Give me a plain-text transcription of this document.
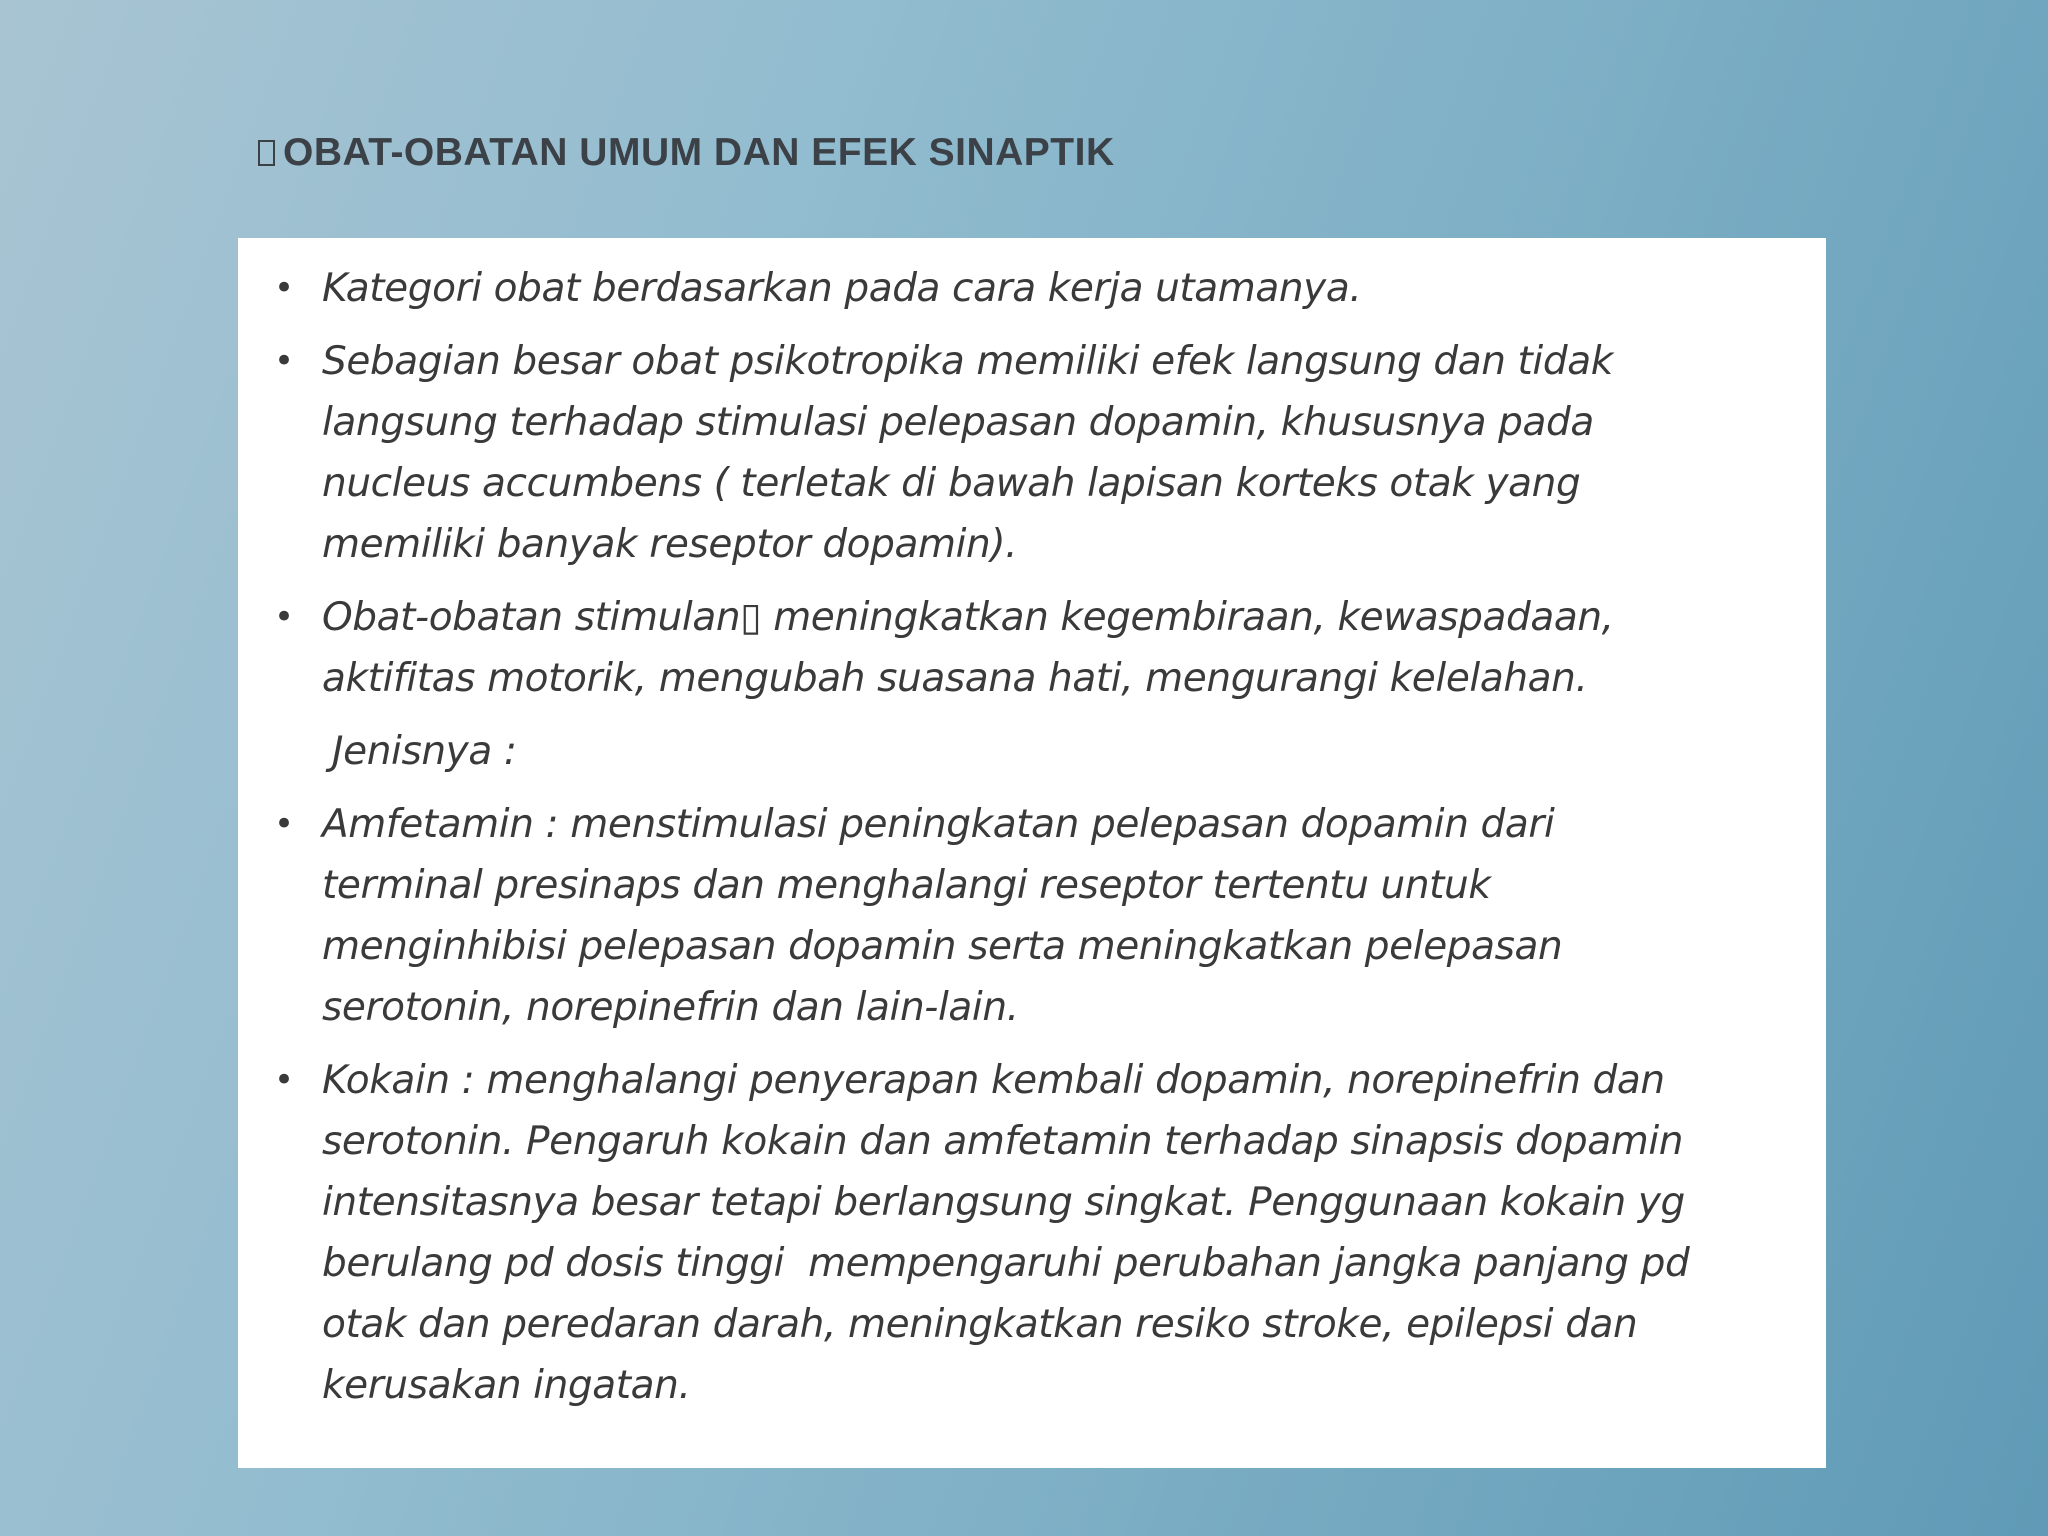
OBAT-OBATAN UMUM DAN EFEK SINAPTIK
• Kategori obat berdasarkan pada cara kerja utamanya.
• Sebagian besar obat psikotropika memiliki efek langsung dan tidak
langsung terhadap stimulasi pelepasan dopamin, khususnya pada
nucleus accumbens ( terletak di bawah lapisan korteks otak yang
memiliki banyak reseptor dopamin).
• Obat-obatan stimulan▯ meningkatkan kegembiraan, kewaspadaan,
aktifitas motorik, mengubah suasana hati, mengurangi kelelahan.
Jenisnya :
• Amfetamin : menstimulasi peningkatan pelepasan dopamin dari
terminal presinaps dan menghalangi reseptor tertentu untuk
menginhibisi pelepasan dopamin serta meningkatkan pelepasan
serotonin, norepinefrin dan lain-lain.
• Kokain : menghalangi penyerapan kembali dopamin, norepinefrin dan
serotonin. Pengaruh kokain dan amfetamin terhadap sinapsis dopamin
intensitasnya besar tetapi berlangsung singkat. Penggunaan kokain yg
berulang pd dosis tinggi  mempengaruhi perubahan jangka panjang pd
otak dan peredaran darah, meningkatkan resiko stroke, epilepsi dan
kerusakan ingatan.
